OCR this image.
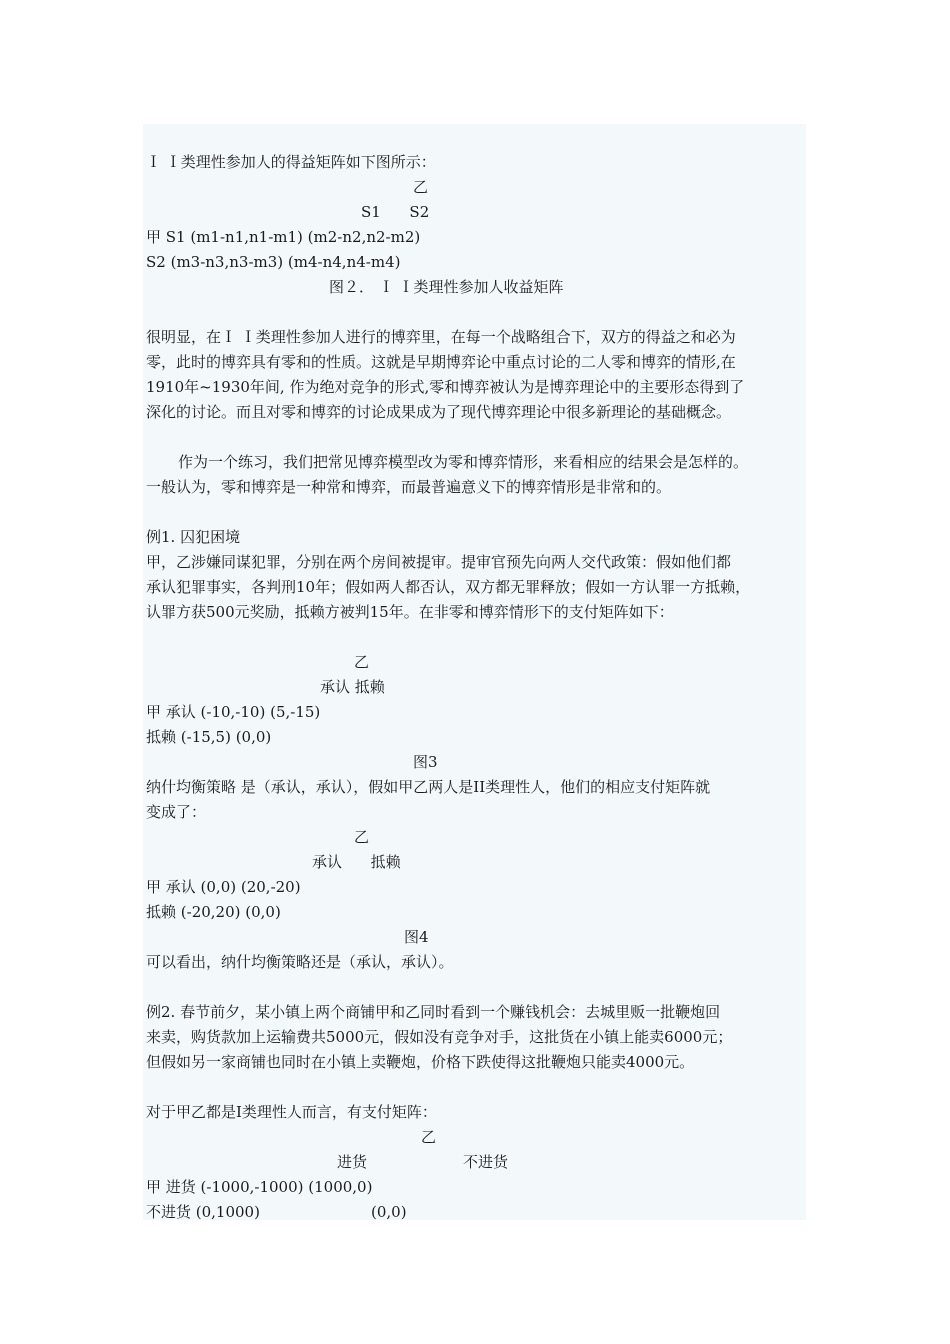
Ｉ Ｉ类理性参加人的得益矩阵如下图所示：
乙
S1      S2
甲 S1 (m1-n1,n1-m1) (m2-n2,n2-m2)
S2 (m3-n3,n3-m3) (m4-n4,n4-m4)
图２． Ｉ Ｉ类理性参加人收益矩阵
很明显，在Ｉ Ｉ类理性参加人进行的博弈里，在每一个战略组合下，双方的得益之和必为
零，此时的博弈具有零和的性质。这就是早期博弈论中重点讨论的二人零和博弈的情形,在
1910年~1930年间, 作为绝对竞争的形式,零和博弈被认为是博弈理论中的主要形态得到了
深化的讨论。而且对零和博弈的讨论成果成为了现代博弈理论中很多新理论的基础概念。
作为一个练习，我们把常见博弈模型改为零和博弈情形，来看相应的结果会是怎样的。
一般认为，零和博弈是一种常和博弈，而最普遍意义下的博弈情形是非常和的。
例1. 囚犯困境
甲，乙涉嫌同谋犯罪，分别在两个房间被提审。提审官预先向两人交代政策：假如他们都
承认犯罪事实，各判刑10年；假如两人都否认，双方都无罪释放；假如一方认罪一方抵赖，
认罪方获500元奖励，抵赖方被判15年。在非零和博弈情形下的支付矩阵如下：
乙
承认 抵赖
甲 承认 (-10,-10) (5,-15)
抵赖 (-15,5) (0,0)
图3
纳什均衡策略 是（承认，承认），假如甲乙两人是II类理性人，他们的相应支付矩阵就
变成了：
乙
承认      抵赖
甲 承认 (0,0) (20,-20)
抵赖 (-20,20) (0,0)
图4
可以看出，纳什均衡策略还是（承认，承认）。
例2. 春节前夕，某小镇上两个商铺甲和乙同时看到一个赚钱机会：去城里贩一批鞭炮回
来卖，购货款加上运输费共5000元，假如没有竞争对手，这批货在小镇上能卖6000元；
但假如另一家商铺也同时在小镇上卖鞭炮，价格下跌使得这批鞭炮只能卖4000元。
对于甲乙都是I类理性人而言，有支付矩阵：
乙
进货	不进货
甲 进货 (-1000,-1000) (1000,0)
不进货 (0,1000)	(0,0)
